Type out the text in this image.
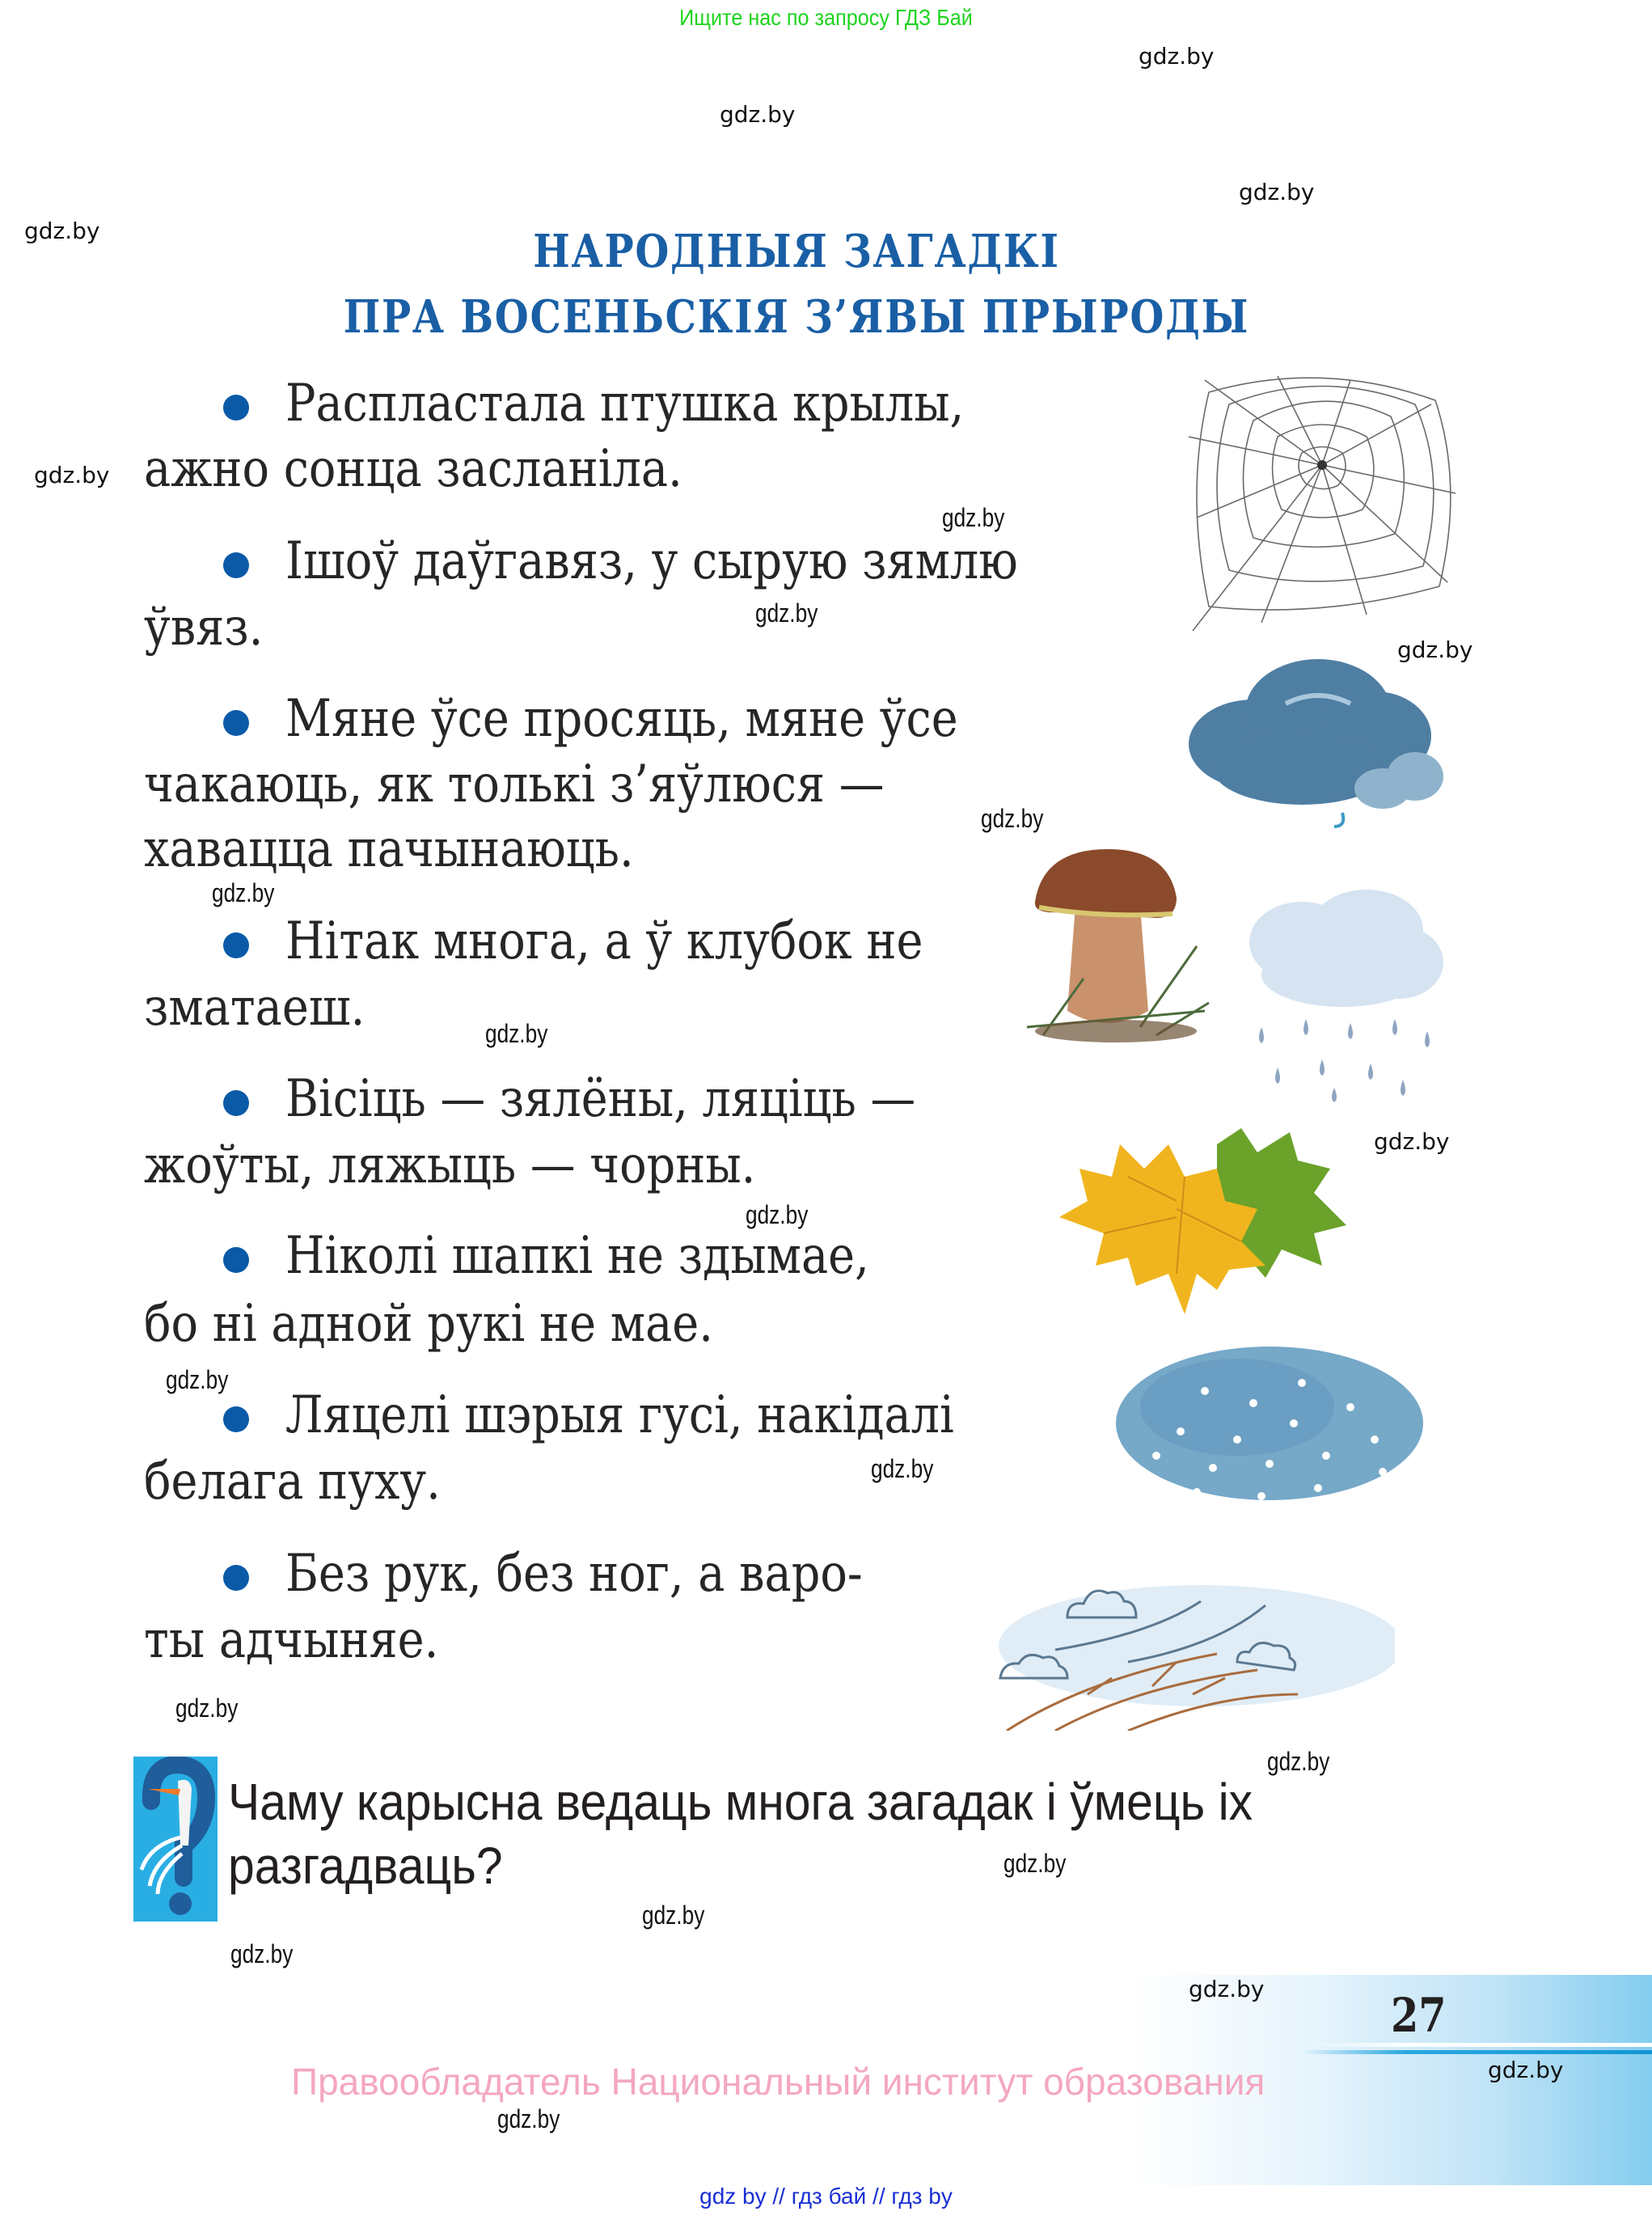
Ищите нас по запросу ГДЗ Бай
gdz.by
gdz.by
gdz.by
gdz.by
gdz.by
gdz.by
gdz.by
gdz.by
gdz.by
gdz.by
gdz.by
gdz.by
gdz.by
gdz.by
gdz.by
gdz.by
gdz.by
gdz.by
gdz.by
gdz.by
НАРОДНЫЯ ЗАГАДКІ
ПРА ВОСЕНЬСКІЯ З’ЯВЫ ПРЫРОДЫ
Распластала птушка крылы,
ажно сонца засланіла.
Ішоў даўгавяз, у сырую зямлю
ўвяз.
Мяне ўсе просяць, мяне ўсе
чакаюць, як толькі з’яўлюся —
хавацца пачынаюць.
Нітак многа, а ў клубок не
зматаеш.
Вісіць — зялёны, ляціць —
жоўты, ляжыць — чорны.
Ніколі шапкі не здымае,
бо ні адной рукі не мае.
Ляцелі шэрыя гусі, накідалі
белага пуху.
Без рук, без ног, а варо-
ты адчыняе.
Чаму карысна ведаць многа загадак і ўмець іх
разгадваць?
27
gdz.by
gdz.by
Правообладатель Национальный институт образования
gdz.by
gdz by // гдз бай // гдз by
